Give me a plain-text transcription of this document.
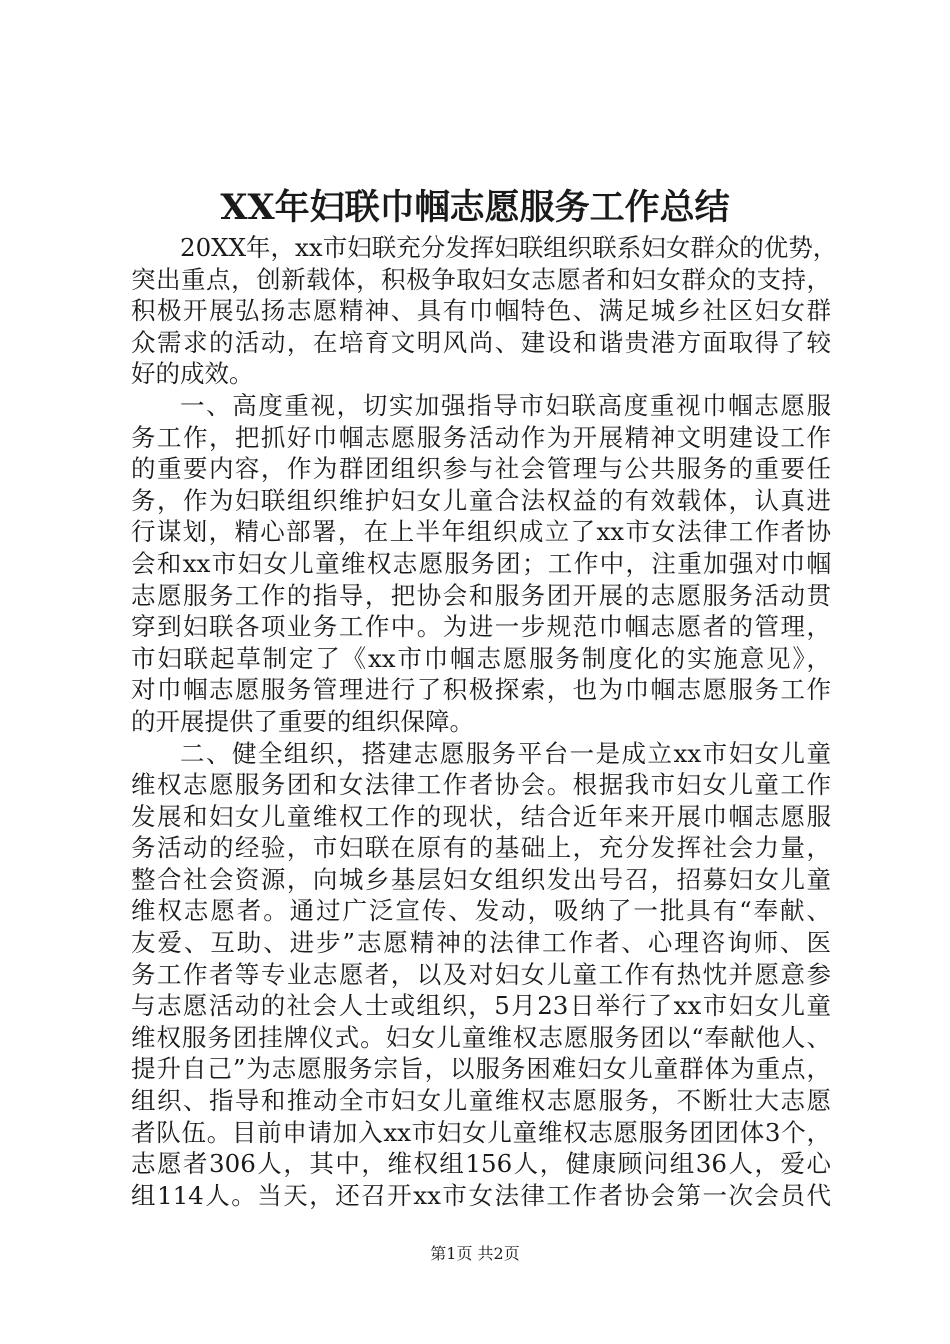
XX年妇联巾帼志愿服务工作总结
20XX年，xx市妇联充分发挥妇联组织联系妇女群众的优势，
突出重点，创新载体，积极争取妇女志愿者和妇女群众的支持，
积极开展弘扬志愿精神、具有巾帼特色、满足城乡社区妇女群
众需求的活动，在培育文明风尚、建设和谐贵港方面取得了较
好的成效。
一、高度重视，切实加强指导市妇联高度重视巾帼志愿服
务工作，把抓好巾帼志愿服务活动作为开展精神文明建设工作
的重要内容，作为群团组织参与社会管理与公共服务的重要任
务，作为妇联组织维护妇女儿童合法权益的有效载体，认真进
行谋划，精心部署，在上半年组织成立了xx市女法律工作者协
会和xx市妇女儿童维权志愿服务团；工作中，注重加强对巾帼
志愿服务工作的指导，把协会和服务团开展的志愿服务活动贯
穿到妇联各项业务工作中。为进一步规范巾帼志愿者的管理，
市妇联起草制定了《xx市巾帼志愿服务制度化的实施意见》，
对巾帼志愿服务管理进行了积极探索，也为巾帼志愿服务工作
的开展提供了重要的组织保障。
二、健全组织，搭建志愿服务平台一是成立xx市妇女儿童
维权志愿服务团和女法律工作者协会。根据我市妇女儿童工作
发展和妇女儿童维权工作的现状，结合近年来开展巾帼志愿服
务活动的经验，市妇联在原有的基础上，充分发挥社会力量，
整合社会资源，向城乡基层妇女组织发出号召，招募妇女儿童
维权志愿者。通过广泛宣传、发动，吸纳了一批具有“奉献、
友爱、互助、进步”志愿精神的法律工作者、心理咨询师、医
务工作者等专业志愿者，以及对妇女儿童工作有热忱并愿意参
与志愿活动的社会人士或组织，5月23日举行了xx市妇女儿童
维权服务团挂牌仪式。妇女儿童维权志愿服务团以“奉献他人、
提升自己”为志愿服务宗旨，以服务困难妇女儿童群体为重点，
组织、指导和推动全市妇女儿童维权志愿服务，不断壮大志愿
者队伍。目前申请加入xx市妇女儿童维权志愿服务团团体3个，
志愿者306人，其中，维权组156人，健康顾问组36人，爱心
组114人。当天，还召开xx市女法律工作者协会第一次会员代
第1页 共2页
